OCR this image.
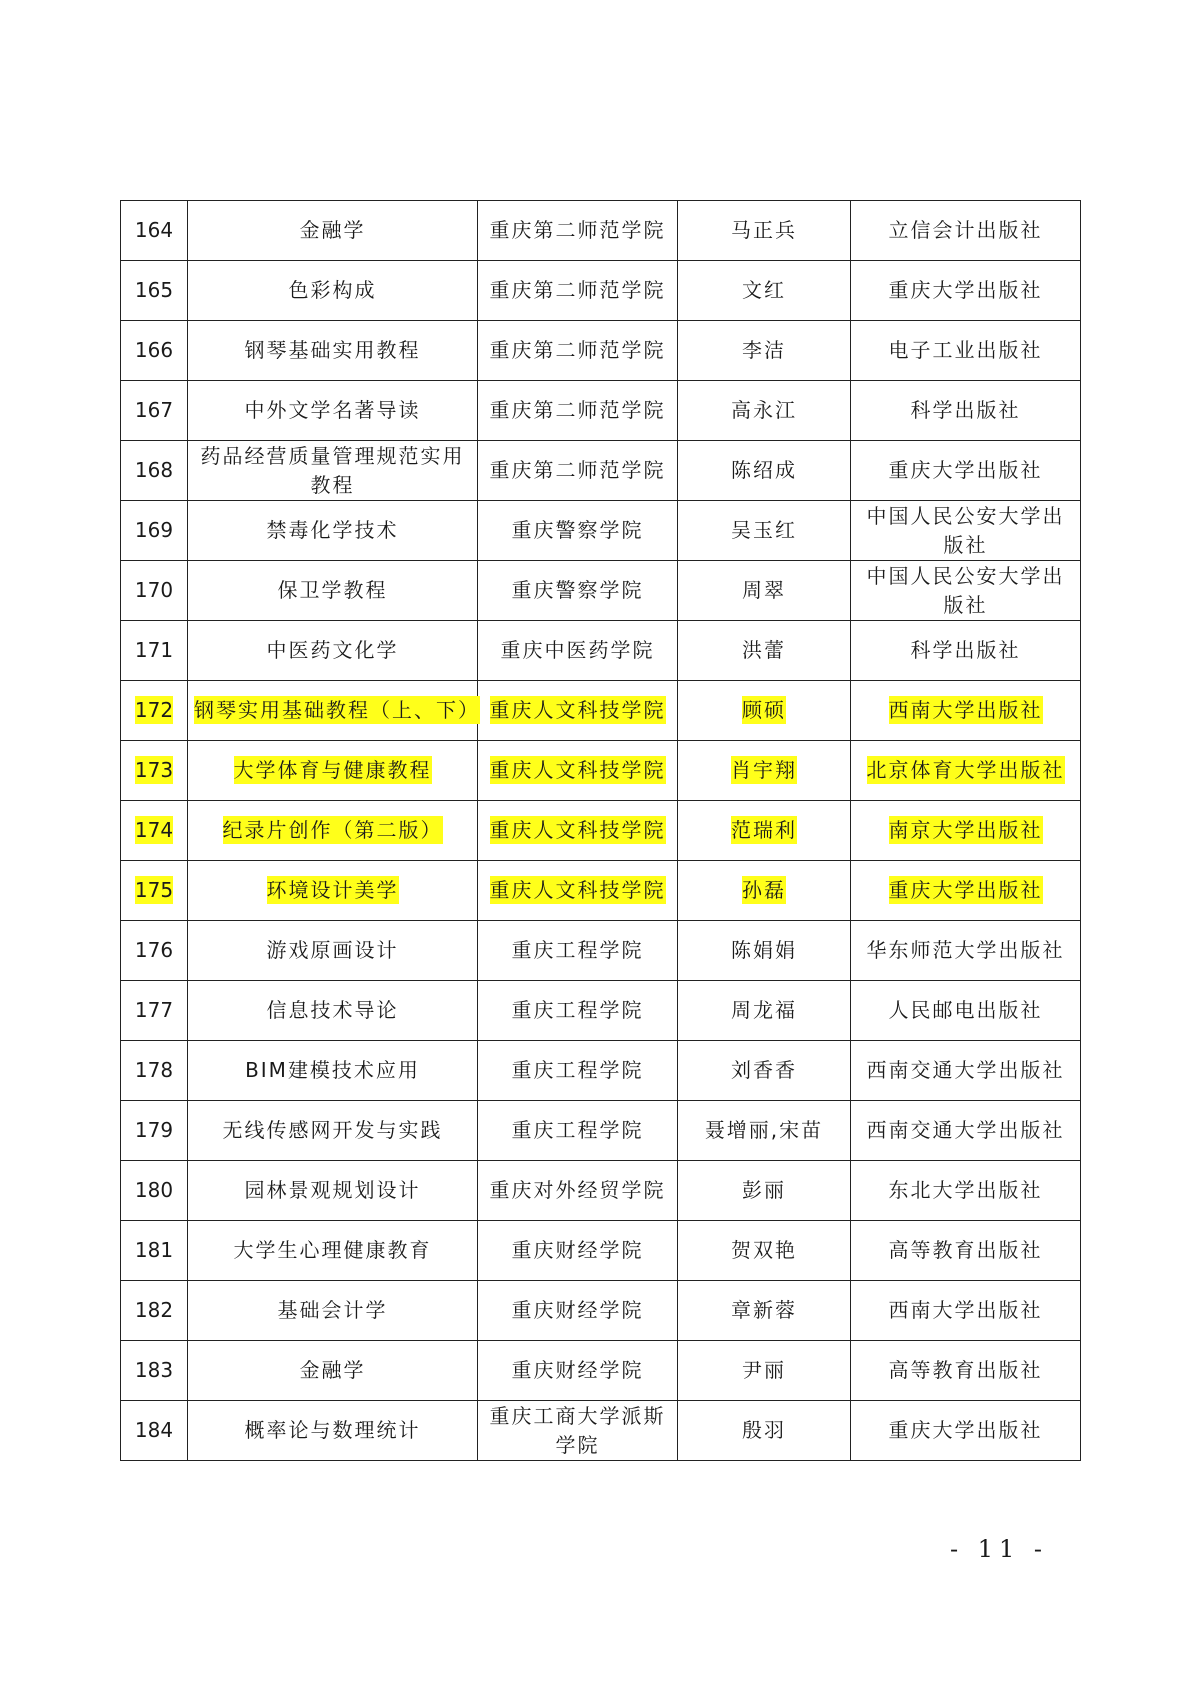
164	金融学	重庆第二师范学院	马正兵	立信会计出版社
165	色彩构成	重庆第二师范学院	文红	重庆大学出版社
166	钢琴基础实用教程	重庆第二师范学院	李洁	电子工业出版社
167	中外文学名著导读	重庆第二师范学院	高永江	科学出版社
168	药品经营质量管理规范实用教程	重庆第二师范学院	陈绍成	重庆大学出版社
169	禁毒化学技术	重庆警察学院	吴玉红	中国人民公安大学出版社
170	保卫学教程	重庆警察学院	周翠	中国人民公安大学出版社
171	中医药文化学	重庆中医药学院	洪蕾	科学出版社
172	钢琴实用基础教程（上、下）	重庆人文科技学院	顾硕	西南大学出版社
173	大学体育与健康教程	重庆人文科技学院	肖宇翔	北京体育大学出版社
174	纪录片创作（第二版）	重庆人文科技学院	范瑞利	南京大学出版社
175	环境设计美学	重庆人文科技学院	孙磊	重庆大学出版社
176	游戏原画设计	重庆工程学院	陈娟娟	华东师范大学出版社
177	信息技术导论	重庆工程学院	周龙福	人民邮电出版社
178	BIM建模技术应用	重庆工程学院	刘香香	西南交通大学出版社
179	无线传感网开发与实践	重庆工程学院	聂增丽,宋苗	西南交通大学出版社
180	园林景观规划设计	重庆对外经贸学院	彭丽	东北大学出版社
181	大学生心理健康教育	重庆财经学院	贺双艳	高等教育出版社
182	基础会计学	重庆财经学院	章新蓉	西南大学出版社
183	金融学	重庆财经学院	尹丽	高等教育出版社
184	概率论与数理统计	重庆工商大学派斯学院	殷羽	重庆大学出版社
- 11 -
